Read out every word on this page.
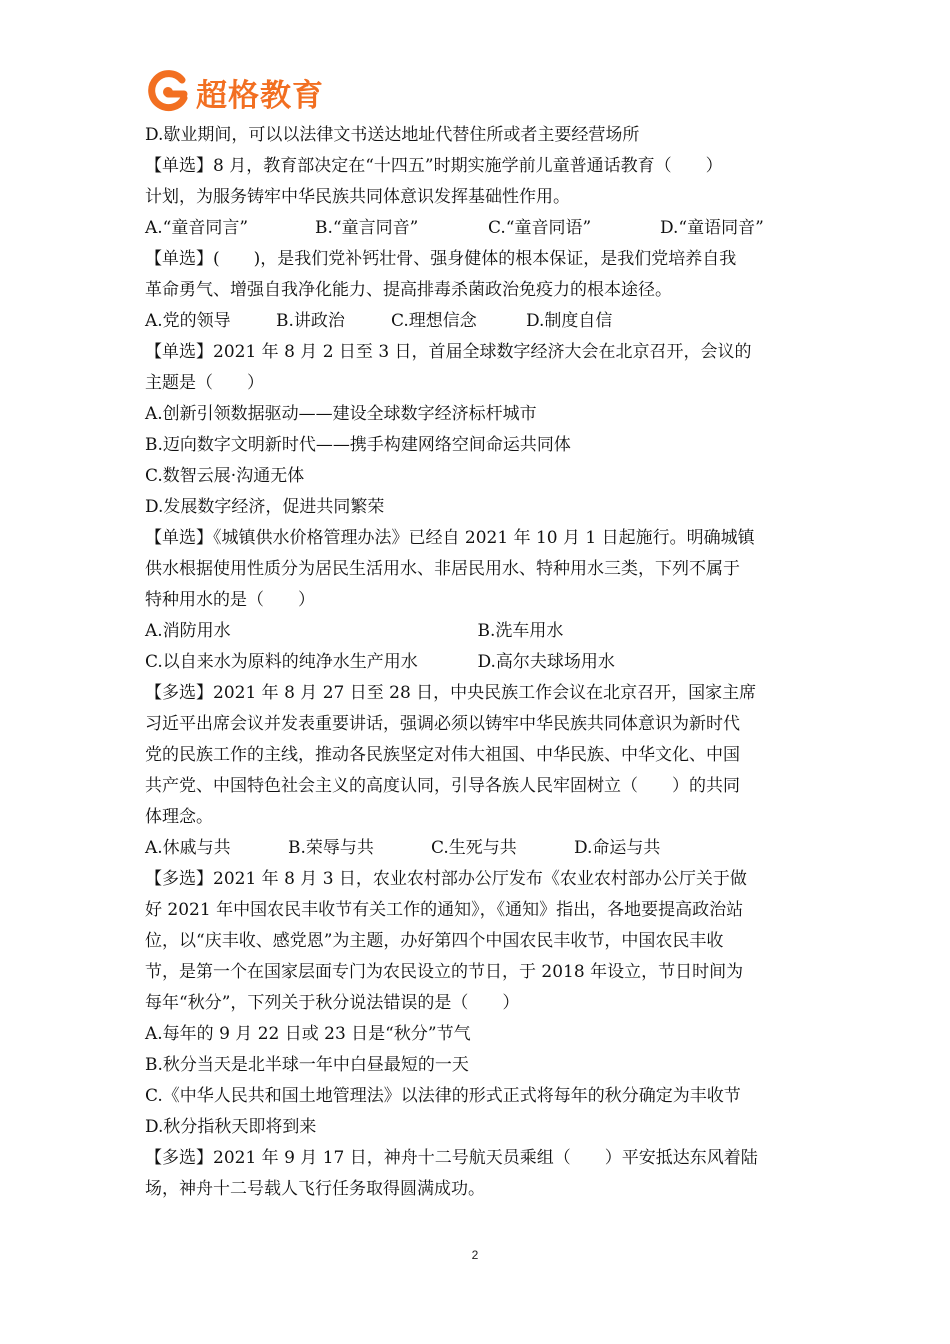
超格教育
D.歇业期间，可以以法律文书送达地址代替住所或者主要经营场所
【单选】8 月，教育部决定在“十四五”时期实施学前儿童普通话教育（　　）
计划，为服务铸牢中华民族共同体意识发挥基础性作用。
A.“童音同言”	B.“童言同音”	C.“童音同语”	D.“童语同音”
【单选】(　　)，是我们党补钙壮骨、强身健体的根本保证，是我们党培养自我
革命勇气、增强自我净化能力、提高排毒杀菌政治免疫力的根本途径。
A.党的领导	B.讲政治	C.理想信念	D.制度自信
【单选】2021 年 8 月 2 日至 3 日，首届全球数字经济大会在北京召开，会议的
主题是（　　）
A.创新引领数据驱动——建设全球数字经济标杆城市
B.迈向数字文明新时代——携手构建网络空间命运共同体
C.数智云展·沟通无体
D.发展数字经济，促进共同繁荣
【单选】《城镇供水价格管理办法》已经自 2021 年 10 月 1 日起施行。明确城镇
供水根据使用性质分为居民生活用水、非居民用水、特种用水三类，下列不属于
特种用水的是（　　）
A.消防用水	B.洗车用水
C.以自来水为原料的纯净水生产用水	D.高尔夫球场用水
【多选】2021 年 8 月 27 日至 28 日，中央民族工作会议在北京召开，国家主席
习近平出席会议并发表重要讲话，强调必须以铸牢中华民族共同体意识为新时代
党的民族工作的主线，推动各民族坚定对伟大祖国、中华民族、中华文化、中国
共产党、中国特色社会主义的高度认同，引导各族人民牢固树立（　　）的共同
体理念。
A.休戚与共	B.荣辱与共	C.生死与共	D.命运与共
【多选】2021 年 8 月 3 日，农业农村部办公厅发布《农业农村部办公厅关于做
好 2021 年中国农民丰收节有关工作的通知》，《通知》指出，各地要提高政治站
位，以“庆丰收、感党恩”为主题，办好第四个中国农民丰收节，中国农民丰收
节，是第一个在国家层面专门为农民设立的节日，于 2018 年设立，节日时间为
每年“秋分”，下列关于秋分说法错误的是（　　）
A.每年的 9 月 22 日或 23 日是“秋分”节气
B.秋分当天是北半球一年中白昼最短的一天
C.《中华人民共和国土地管理法》以法律的形式正式将每年的秋分确定为丰收节
D.秋分指秋天即将到来
【多选】2021 年 9 月 17 日，神舟十二号航天员乘组（　　）平安抵达东风着陆
场，神舟十二号载人飞行任务取得圆满成功。
2
